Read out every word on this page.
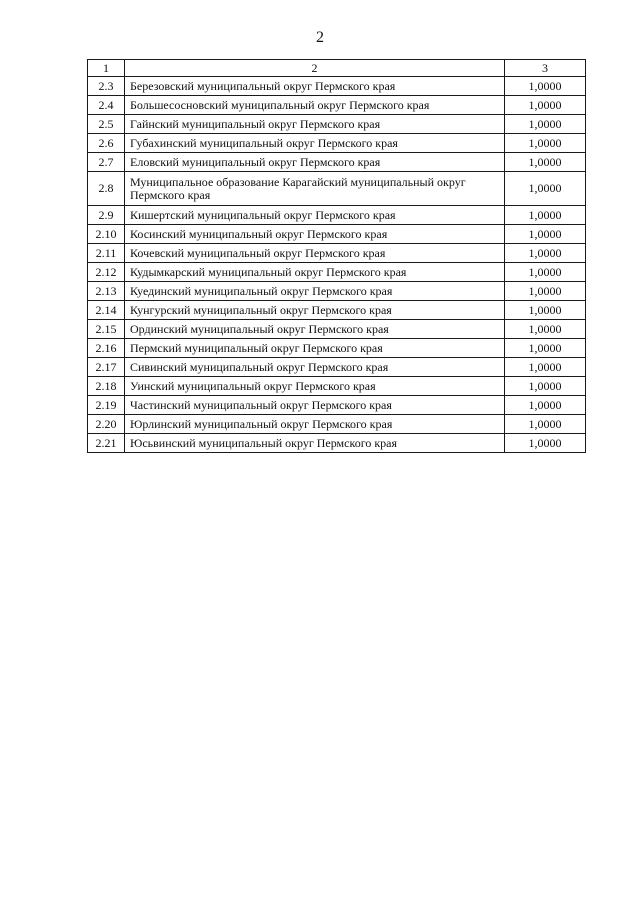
2
1	2	3
2.3	Березовский муниципальный округ Пермского края	1,0000
2.4	Большесосновский муниципальный округ Пермского края	1,0000
2.5	Гайнский муниципальный округ Пермского края	1,0000
2.6	Губахинский муниципальный округ Пермского края	1,0000
2.7	Еловский муниципальный округ Пермского края	1,0000
2.8	Муниципальное образование Карагайский муниципальный округ Пермского края	1,0000
2.9	Кишертский муниципальный округ Пермского края	1,0000
2.10	Косинский муниципальный округ Пермского края	1,0000
2.11	Кочевский муниципальный округ Пермского края	1,0000
2.12	Кудымкарский муниципальный округ Пермского края	1,0000
2.13	Куединский муниципальный округ Пермского края	1,0000
2.14	Кунгурский муниципальный округ Пермского края	1,0000
2.15	Ординский муниципальный округ Пермского края	1,0000
2.16	Пермский муниципальный округ Пермского края	1,0000
2.17	Сивинский муниципальный округ Пермского края	1,0000
2.18	Уинский муниципальный округ Пермского края	1,0000
2.19	Частинский муниципальный округ Пермского края	1,0000
2.20	Юрлинский муниципальный округ Пермского края	1,0000
2.21	Юсьвинский муниципальный округ Пермского края	1,0000
